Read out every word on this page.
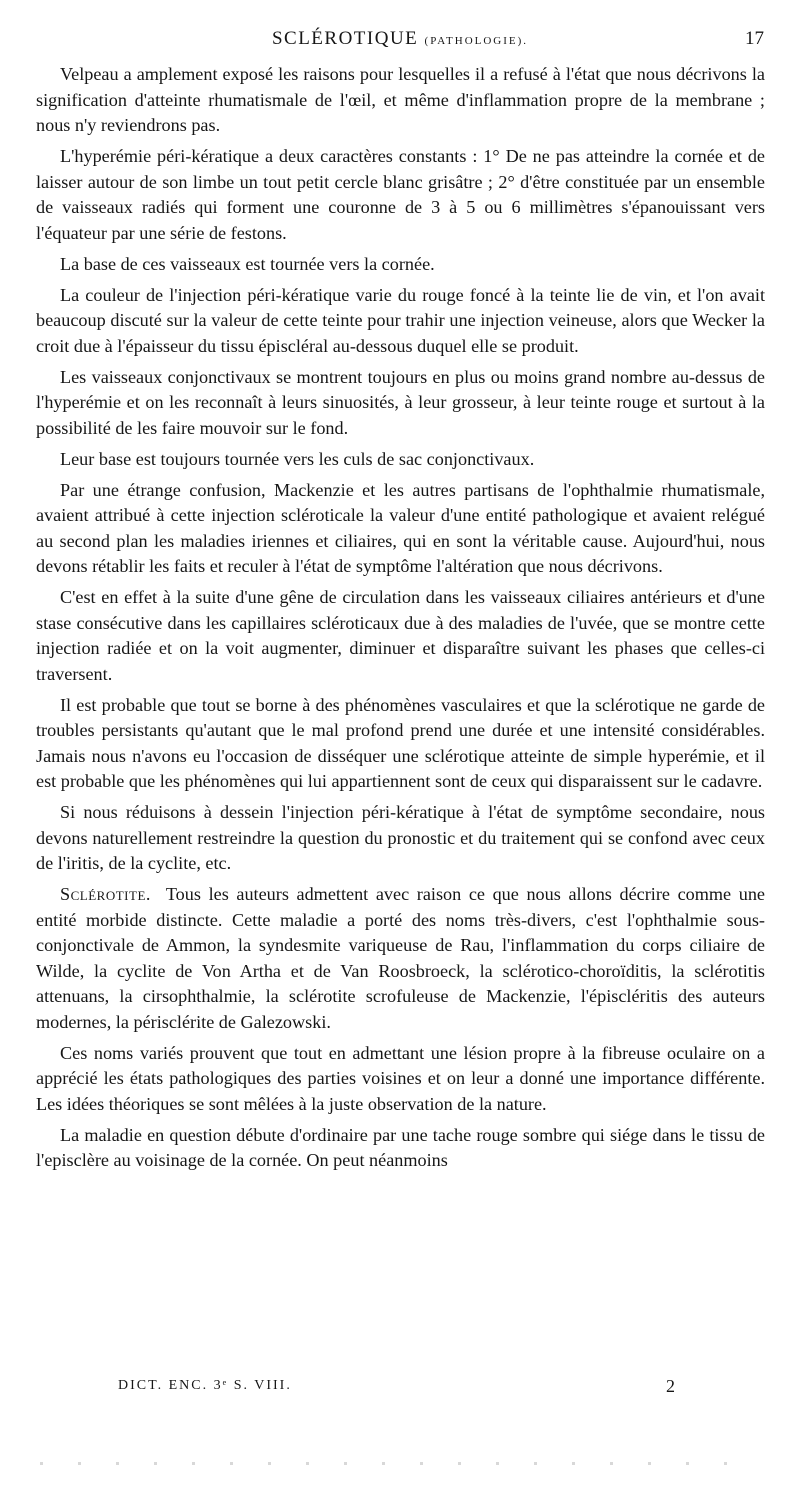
SCLÉROTIQUE (PATHOLOGIE).	17

Velpeau a amplement exposé les raisons pour lesquelles il a refusé à l'état que nous décrivons la signification d'atteinte rhumatismale de l'œil, et même d'inflammation propre de la membrane ; nous n'y reviendrons pas.

L'hyperémie péri-kératique a deux caractères constants : 1° De ne pas atteindre la cornée et de laisser autour de son limbe un tout petit cercle blanc grisâtre ; 2° d'être constituée par un ensemble de vaisseaux radiés qui forment une couronne de 3 à 5 ou 6 millimètres s'épanouissant vers l'équateur par une série de festons.

La base de ces vaisseaux est tournée vers la cornée.

La couleur de l'injection péri-kératique varie du rouge foncé à la teinte lie de vin, et l'on avait beaucoup discuté sur la valeur de cette teinte pour trahir une injection veineuse, alors que Wecker la croit due à l'épaisseur du tissu épiscléral au-dessous duquel elle se produit.

Les vaisseaux conjonctivaux se montrent toujours en plus ou moins grand nombre au-dessus de l'hyperémie et on les reconnaît à leurs sinuosités, à leur grosseur, à leur teinte rouge et surtout à la possibilité de les faire mouvoir sur le fond.

Leur base est toujours tournée vers les culs de sac conjonctivaux.

Par une étrange confusion, Mackenzie et les autres partisans de l'ophthalmie rhumatismale, avaient attribué à cette injection scléroticale la valeur d'une entité pathologique et avaient relégué au second plan les maladies iriennes et ciliaires, qui en sont la véritable cause. Aujourd'hui, nous devons rétablir les faits et reculer à l'état de symptôme l'altération que nous décrivons.

C'est en effet à la suite d'une gêne de circulation dans les vaisseaux ciliaires antérieurs et d'une stase consécutive dans les capillaires scléroticaux due à des maladies de l'uvée, que se montre cette injection radiée et on la voit augmenter, diminuer et disparaître suivant les phases que celles-ci traversent.

Il est probable que tout se borne à des phénomènes vasculaires et que la sclérotique ne garde de troubles persistants qu'autant que le mal profond prend une durée et une intensité considérables. Jamais nous n'avons eu l'occasion de disséquer une sclérotique atteinte de simple hyperémie, et il est probable que les phénomènes qui lui appartiennent sont de ceux qui disparaissent sur le cadavre.

Si nous réduisons à dessein l'injection péri-kératique à l'état de symptôme secondaire, nous devons naturellement restreindre la question du pronostic et du traitement qui se confond avec ceux de l'iritis, de la cyclite, etc.

Sclérotite. Tous les auteurs admettent avec raison ce que nous allons décrire comme une entité morbide distincte. Cette maladie a porté des noms très-divers, c'est l'ophthalmie sous-conjonctivale de Ammon, la syndesmite variqueuse de Rau, l'inflammation du corps ciliaire de Wilde, la cyclite de Von Artha et de Van Roosbroeck, la sclérotico-choroïditis, la sclérotitis attenuans, la cirsophthalmie, la sclérotite scrofuleuse de Mackenzie, l'épiscléritis des auteurs modernes, la périsclérite de Galezowski.

Ces noms variés prouvent que tout en admettant une lésion propre à la fibreuse oculaire on a apprécié les états pathologiques des parties voisines et on leur a donné une importance différente. Les idées théoriques se sont mêlées à la juste observation de la nature.

La maladie en question débute d'ordinaire par une tache rouge sombre qui siége dans le tissu de l'episclère au voisinage de la cornée. On peut néanmoins

DICT. ENC. 3ᵉ S. VIII.	2
